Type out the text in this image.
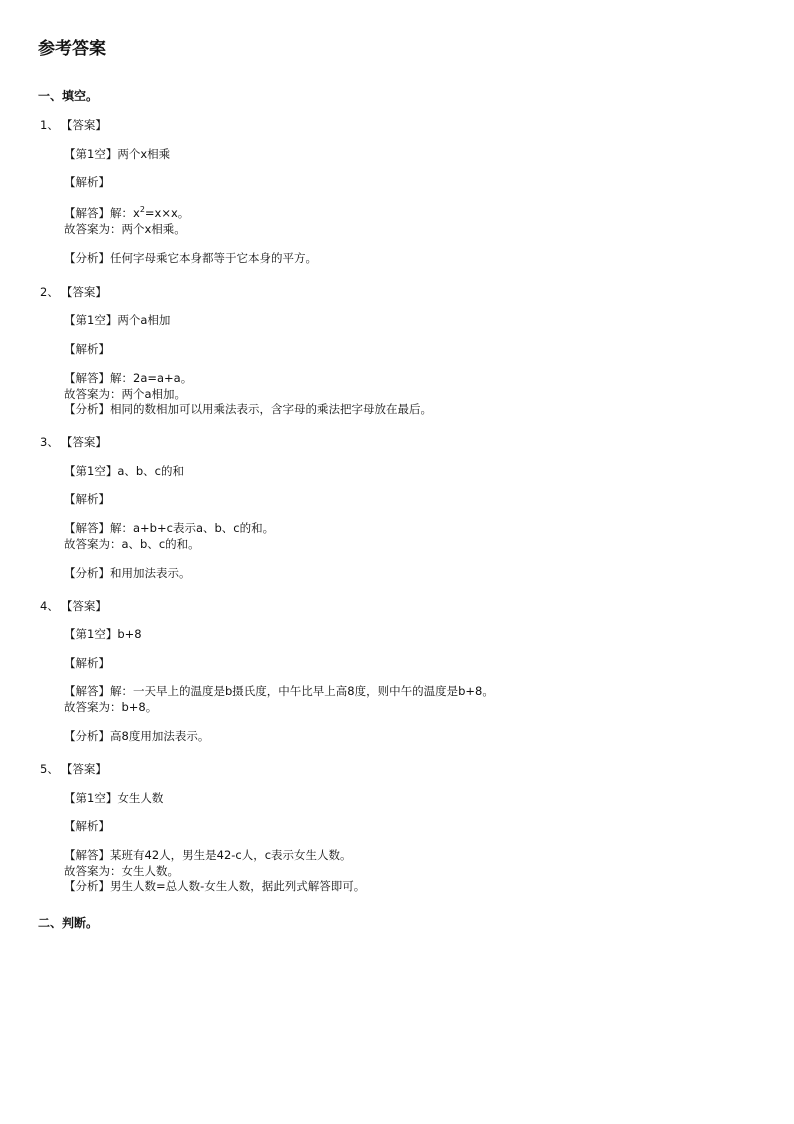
参考答案
一、填空。
1、 【答案】
【第1空】两个x相乘
【解析】
【解答】解：$x^2=x\times x$。
故答案为：两个x相乘。
【分析】任何字母乘它本身都等于它本身的平方。
2、 【答案】
【第1空】两个a相加
【解析】
【解答】解：2a=a+a。
故答案为：两个a相加。
【分析】相同的数相加可以用乘法表示，含字母的乘法把字母放在最后。
3、 【答案】
【第1空】a、b、c的和
【解析】
【解答】解：a+b+c表示a、b、c的和。
故答案为：a、b、c的和。
【分析】和用加法表示。
4、 【答案】
【第1空】b+8
【解析】
【解答】解：一天早上的温度是b摄氏度，中午比早上高8度，则中午的温度是b+8。
故答案为：b+8。
【分析】高8度用加法表示。
5、 【答案】
【第1空】女生人数
【解析】
【解答】某班有42人，男生是42-c人，c表示女生人数。
故答案为：女生人数。
【分析】男生人数=总人数-女生人数，据此列式解答即可。
二、判断。
